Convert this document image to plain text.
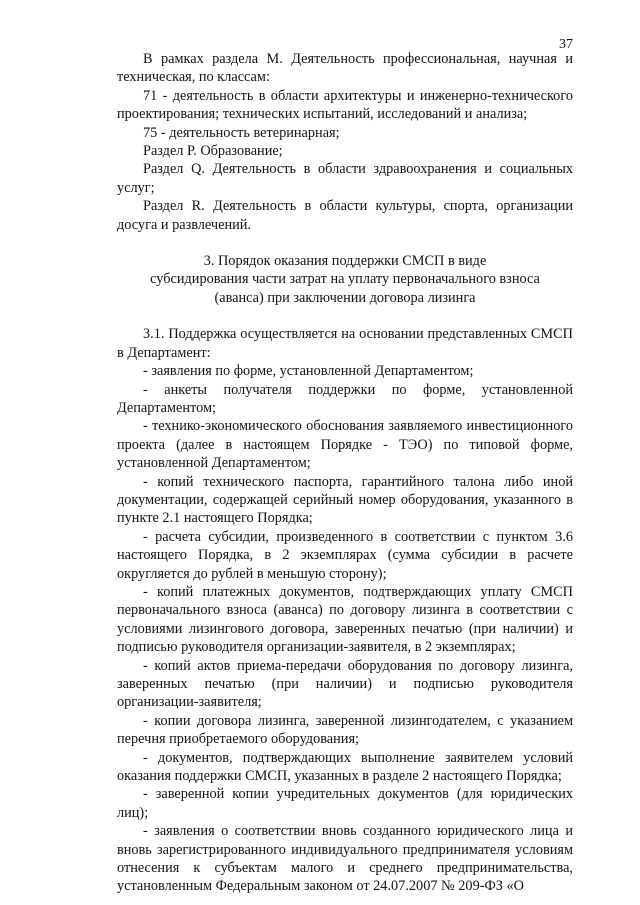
37

В рамках раздела М. Деятельность профессиональная, научная и техническая, по классам:

71 - деятельность в области архитектуры и инженерно-технического проектирования; технических испытаний, исследований и анализа;

75 - деятельность ветеринарная;

Раздел Р. Образование;

Раздел Q. Деятельность в области здравоохранения и социальных услуг;

Раздел R. Деятельность в области культуры, спорта, организации досуга и развлечений.

3. Порядок оказания поддержки СМСП в виде

субсидирования части затрат на уплату первоначального взноса

(аванса) при заключении договора лизинга

3.1. Поддержка осуществляется на основании представленных СМСП в Департамент:

- заявления по форме, установленной Департаментом;

- анкеты получателя поддержки по форме, установленной Департаментом;

- технико-экономического обоснования заявляемого инвестиционного проекта (далее в настоящем Порядке - ТЭО) по типовой форме, установленной Департаментом;

- копий технического паспорта, гарантийного талона либо иной документации, содержащей серийный номер оборудования, указанного в пункте 2.1 настоящего Порядка;

- расчета субсидии, произведенного в соответствии с пунктом 3.6 настоящего Порядка, в 2 экземплярах (сумма субсидии в расчете округляется до рублей в меньшую сторону);

- копий платежных документов, подтверждающих уплату СМСП первоначального взноса (аванса) по договору лизинга в соответствии с условиями лизингового договора, заверенных печатью (при наличии) и подписью руководителя организации-заявителя, в 2 экземплярах;

- копий актов приема-передачи оборудования по договору лизинга, заверенных печатью (при наличии) и подписью руководителя организации-заявителя;

- копии договора лизинга, заверенной лизингодателем, с указанием перечня приобретаемого оборудования;

- документов, подтверждающих выполнение заявителем условий оказания поддержки СМСП, указанных в разделе 2 настоящего Порядка;

- заверенной копии учредительных документов (для юридических лиц);

- заявления о соответствии вновь созданного юридического лица и вновь зарегистрированного индивидуального предпринимателя условиям отнесения к субъектам малого и среднего предпринимательства, установленным Федеральным законом от 24.07.2007 № 209-ФЗ «О
